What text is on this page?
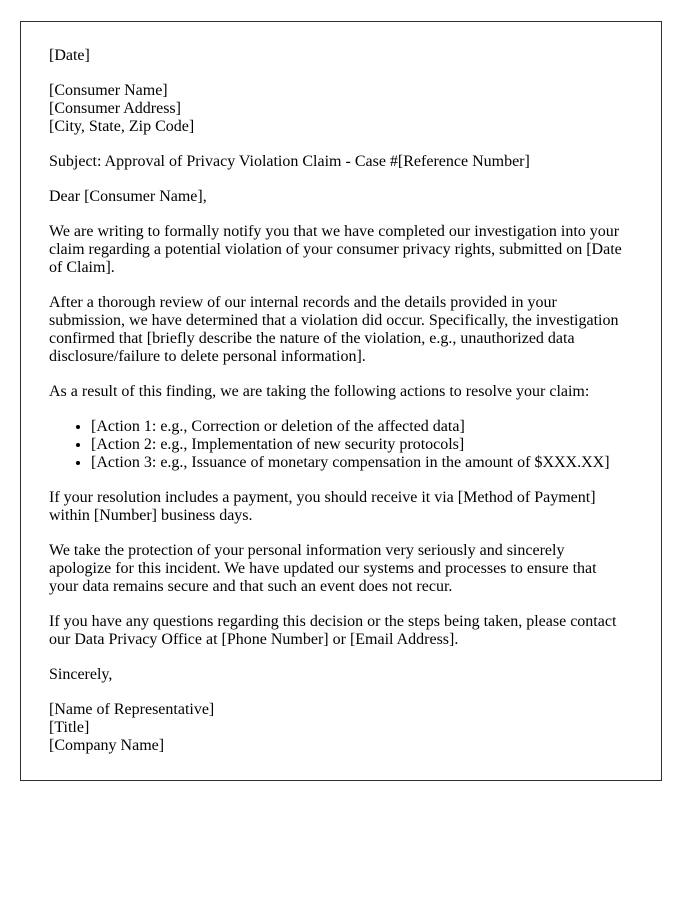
[Date]

[Consumer Name]
[Consumer Address]
[City, State, Zip Code]

Subject: Approval of Privacy Violation Claim - Case #[Reference Number]

Dear [Consumer Name],

We are writing to formally notify you that we have completed our investigation into your claim regarding a potential violation of your consumer privacy rights, submitted on [Date of Claim].

After a thorough review of our internal records and the details provided in your submission, we have determined that a violation did occur. Specifically, the investigation confirmed that [briefly describe the nature of the violation, e.g., unauthorized data disclosure/failure to delete personal information].

As a result of this finding, we are taking the following actions to resolve your claim:

• [Action 1: e.g., Correction or deletion of the affected data]
• [Action 2: e.g., Implementation of new security protocols]
• [Action 3: e.g., Issuance of monetary compensation in the amount of $XXX.XX]

If your resolution includes a payment, you should receive it via [Method of Payment] within [Number] business days.

We take the protection of your personal information very seriously and sincerely apologize for this incident. We have updated our systems and processes to ensure that your data remains secure and that such an event does not recur.

If you have any questions regarding this decision or the steps being taken, please contact our Data Privacy Office at [Phone Number] or [Email Address].

Sincerely,

[Name of Representative]
[Title]
[Company Name]
